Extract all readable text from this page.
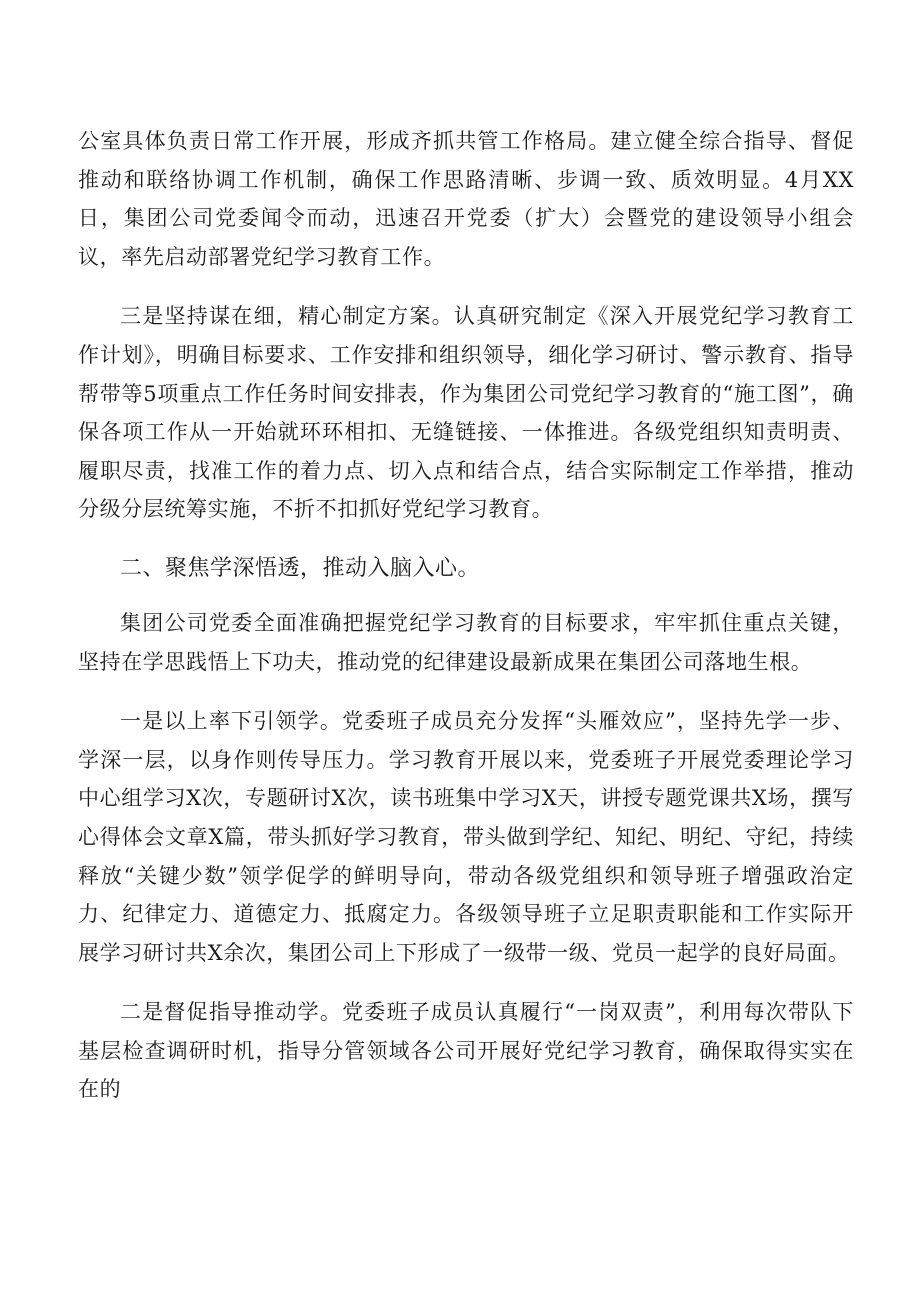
公室具体负责日常工作开展，形成齐抓共管工作格局。建立健全综合指导、督促推动和联络协调工作机制，确保工作思路清晰、步调一致、质效明显。4月XX日，集团公司党委闻令而动，迅速召开党委（扩大）会暨党的建设领导小组会议，率先启动部署党纪学习教育工作。

三是坚持谋在细，精心制定方案。认真研究制定《深入开展党纪学习教育工作计划》，明确目标要求、工作安排和组织领导，细化学习研讨、警示教育、指导帮带等5项重点工作任务时间安排表，作为集团公司党纪学习教育的“施工图”，确保各项工作从一开始就环环相扣、无缝链接、一体推进。各级党组织知责明责、履职尽责，找准工作的着力点、切入点和结合点，结合实际制定工作举措，推动分级分层统筹实施，不折不扣抓好党纪学习教育。

二、聚焦学深悟透，推动入脑入心。

集团公司党委全面准确把握党纪学习教育的目标要求，牢牢抓住重点关键，坚持在学思践悟上下功夫，推动党的纪律建设最新成果在集团公司落地生根。

一是以上率下引领学。党委班子成员充分发挥“头雁效应”，坚持先学一步、学深一层，以身作则传导压力。学习教育开展以来，党委班子开展党委理论学习中心组学习X次，专题研讨X次，读书班集中学习X天，讲授专题党课共X场，撰写心得体会文章X篇，带头抓好学习教育，带头做到学纪、知纪、明纪、守纪，持续释放“关键少数”领学促学的鲜明导向，带动各级党组织和领导班子增强政治定力、纪律定力、道德定力、抵腐定力。各级领导班子立足职责职能和工作实际开展学习研讨共X余次，集团公司上下形成了一级带一级、党员一起学的良好局面。

二是督促指导推动学。党委班子成员认真履行“一岗双责”，利用每次带队下基层检查调研时机，指导分管领域各公司开展好党纪学习教育，确保取得实实在在的
